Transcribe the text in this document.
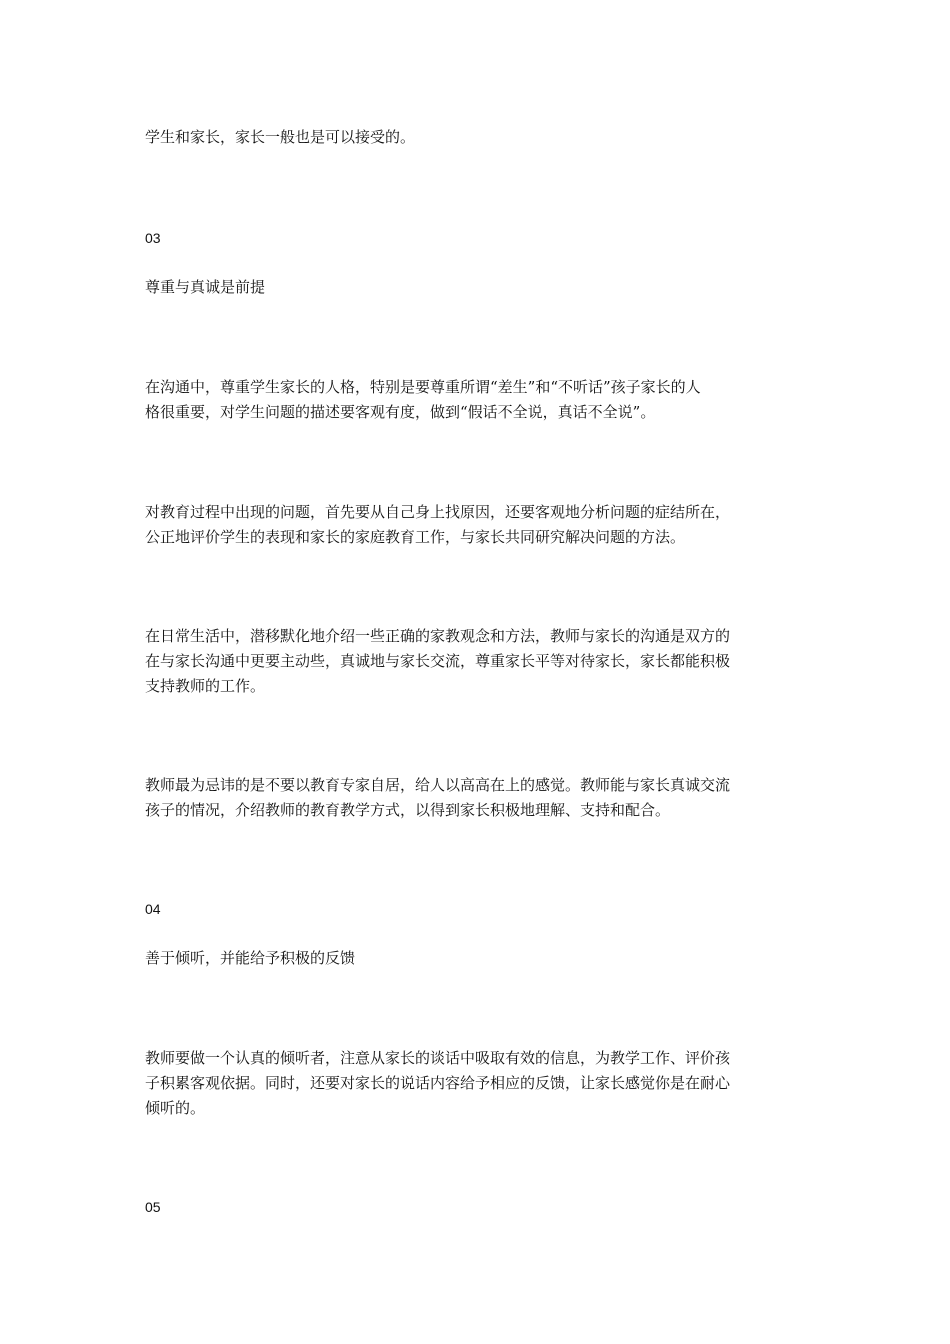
学生和家长，家长一般也是可以接受的。

03

尊重与真诚是前提

在沟通中，尊重学生家长的人格，特别是要尊重所谓“差生”和“不听话”孩子家长的人
格很重要，对学生问题的描述要客观有度，做到“假话不全说，真话不全说”。

对教育过程中出现的问题，首先要从自己身上找原因，还要客观地分析问题的症结所在，
公正地评价学生的表现和家长的家庭教育工作，与家长共同研究解决问题的方法。

在日常生活中，潜移默化地介绍一些正确的家教观念和方法，教师与家长的沟通是双方的
在与家长沟通中更要主动些，真诚地与家长交流，尊重家长平等对待家长，家长都能积极
支持教师的工作。

教师最为忌讳的是不要以教育专家自居，给人以高高在上的感觉。教师能与家长真诚交流
孩子的情况，介绍教师的教育教学方式，以得到家长积极地理解、支持和配合。

04

善于倾听，并能给予积极的反馈

教师要做一个认真的倾听者，注意从家长的谈话中吸取有效的信息，为教学工作、评价孩
子积累客观依据。同时，还要对家长的说话内容给予相应的反馈，让家长感觉你是在耐心
倾听的。

05
